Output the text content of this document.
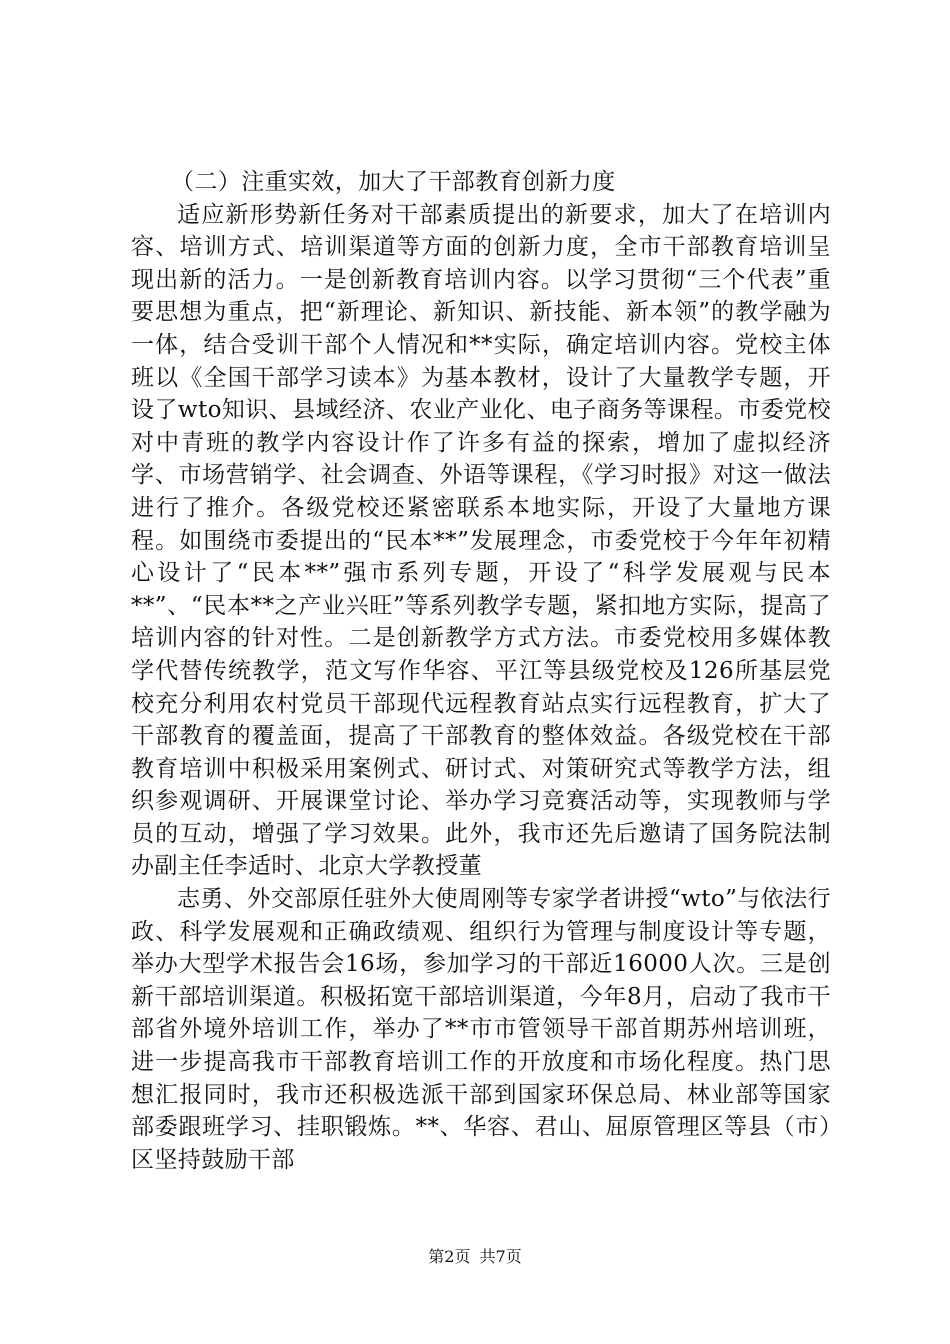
（二）注重实效，加大了干部教育创新力度

适应新形势新任务对干部素质提出的新要求，加大了在培训内容、培训方式、培训渠道等方面的创新力度，全市干部教育培训呈现出新的活力。一是创新教育培训内容。以学习贯彻“三个代表”重要思想为重点，把“新理论、新知识、新技能、新本领”的教学融为一体，结合受训干部个人情况和**实际，确定培训内容。党校主体班以《全国干部学习读本》为基本教材，设计了大量教学专题，开设了wto知识、县域经济、农业产业化、电子商务等课程。市委党校对中青班的教学内容设计作了许多有益的探索，增加了虚拟经济学、市场营销学、社会调查、外语等课程，《学习时报》对这一做法进行了推介。各级党校还紧密联系本地实际，开设了大量地方课程。如围绕市委提出的“民本**”发展理念，市委党校于今年年初精心设计了“民本**”强市系列专题，开设了“科学发展观与民本**”、“民本**之产业兴旺”等系列教学专题，紧扣地方实际，提高了培训内容的针对性。二是创新教学方式方法。市委党校用多媒体教学代替传统教学，范文写作华容、平江等县级党校及126所基层党校充分利用农村党员干部现代远程教育站点实行远程教育，扩大了干部教育的覆盖面，提高了干部教育的整体效益。各级党校在干部教育培训中积极采用案例式、研讨式、对策研究式等教学方法，组织参观调研、开展课堂讨论、举办学习竞赛活动等，实现教师与学员的互动，增强了学习效果。此外，我市还先后邀请了国务院法制办副主任李适时、北京大学教授董

志勇、外交部原任驻外大使周刚等专家学者讲授“wto”与依法行政、科学发展观和正确政绩观、组织行为管理与制度设计等专题，举办大型学术报告会16场，参加学习的干部近16000人次。三是创新干部培训渠道。积极拓宽干部培训渠道，今年8月，启动了我市干部省外境外培训工作，举办了**市市管领导干部首期苏州培训班，进一步提高我市干部教育培训工作的开放度和市场化程度。热门思想汇报同时，我市还积极选派干部到国家环保总局、林业部等国家部委跟班学习、挂职锻炼。**、华容、君山、屈原管理区等县（市）区坚持鼓励干部

第2页 共7页
